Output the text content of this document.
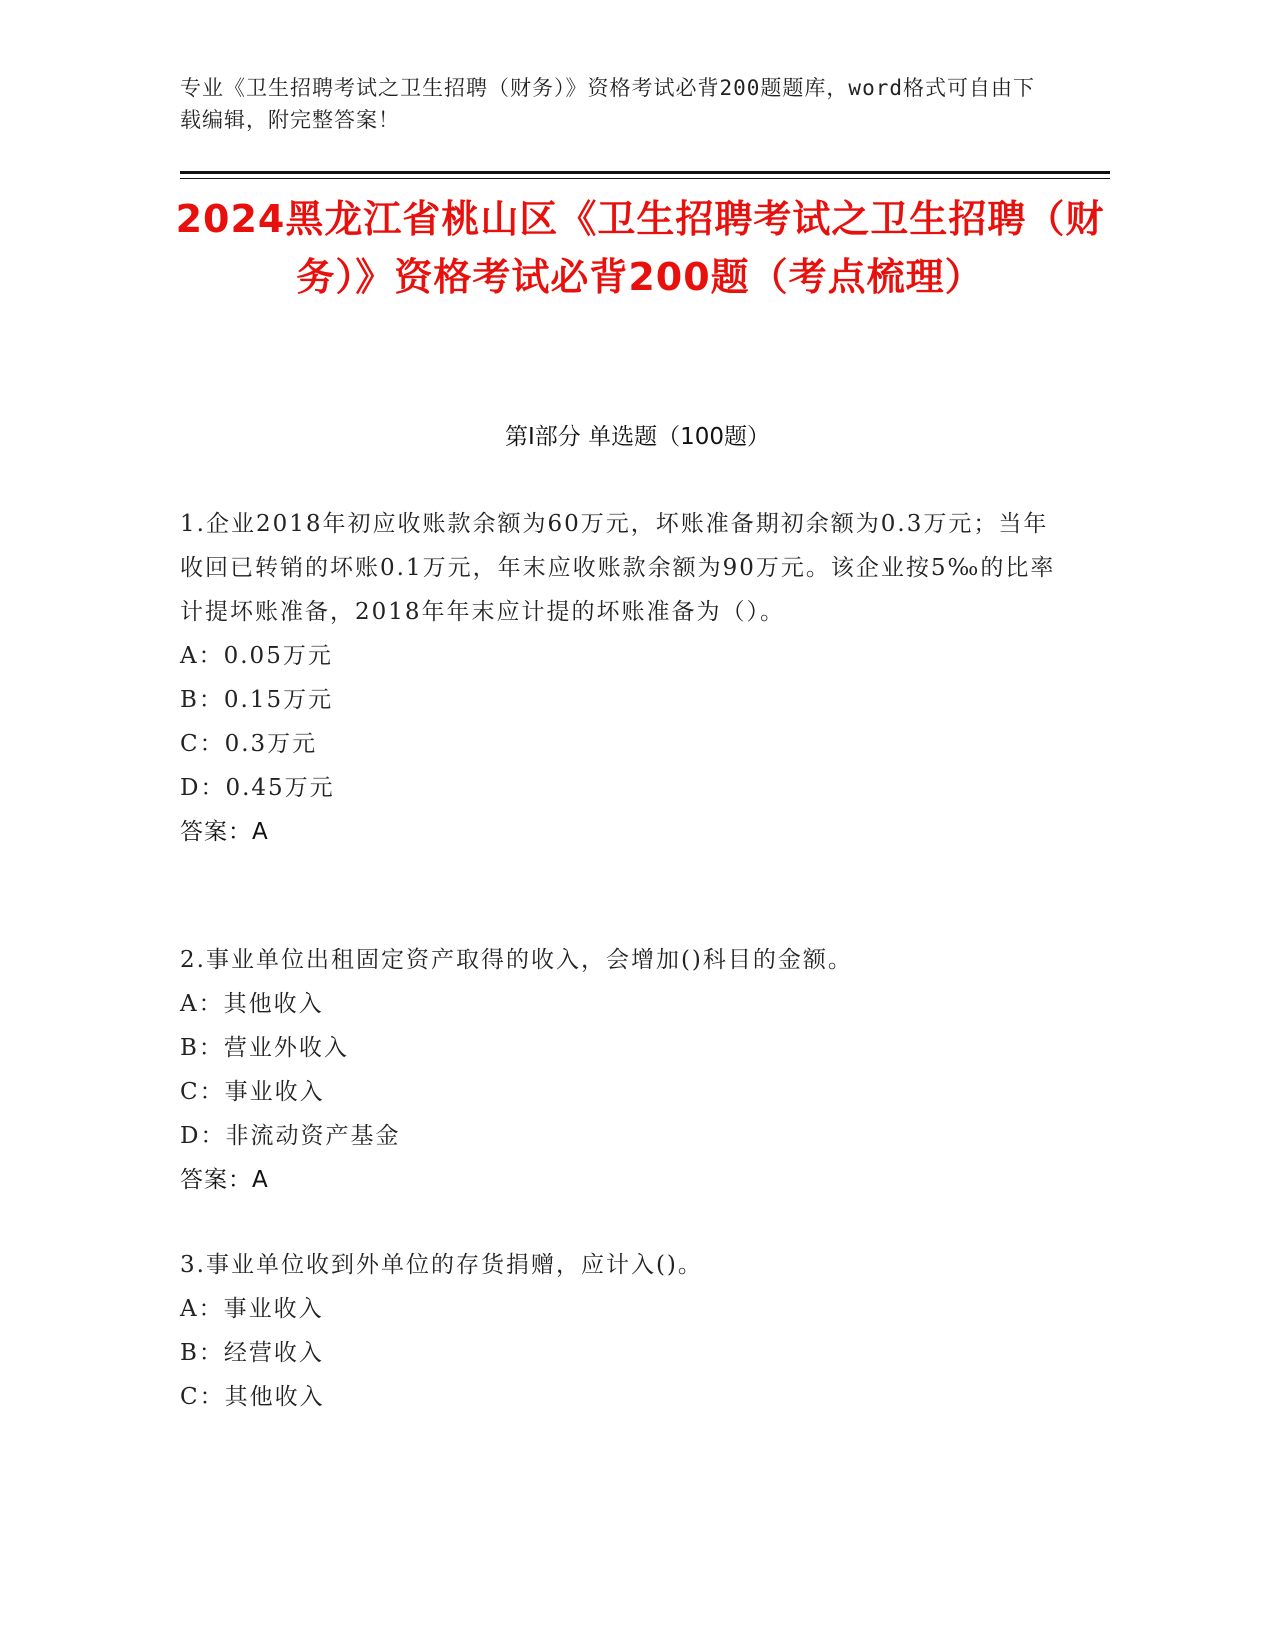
专业《卫生招聘考试之卫生招聘（财务）》资格考试必背200题题库，word格式可自由下载编辑，附完整答案！
2024黑龙江省桃山区《卫生招聘考试之卫生招聘（财务）》资格考试必背200题（考点梳理）
第Ⅰ部分 单选题（100题）

1.企业2018年初应收账款余额为60万元，坏账准备期初余额为0.3万元；当年收回已转销的坏账0.1万元，年末应收账款余额为90万元。该企业按5‰的比率计提坏账准备，2018年年末应计提的坏账准备为（）。

A：0.05万元

B：0.15万元

C：0.3万元

D：0.45万元

答案：A

2.事业单位出租固定资产取得的收入，会增加()科目的金额。

A：其他收入

B：营业外收入

C：事业收入

D：非流动资产基金

答案：A

3.事业单位收到外单位的存货捐赠，应计入()。

A：事业收入

B：经营收入

C：其他收入
